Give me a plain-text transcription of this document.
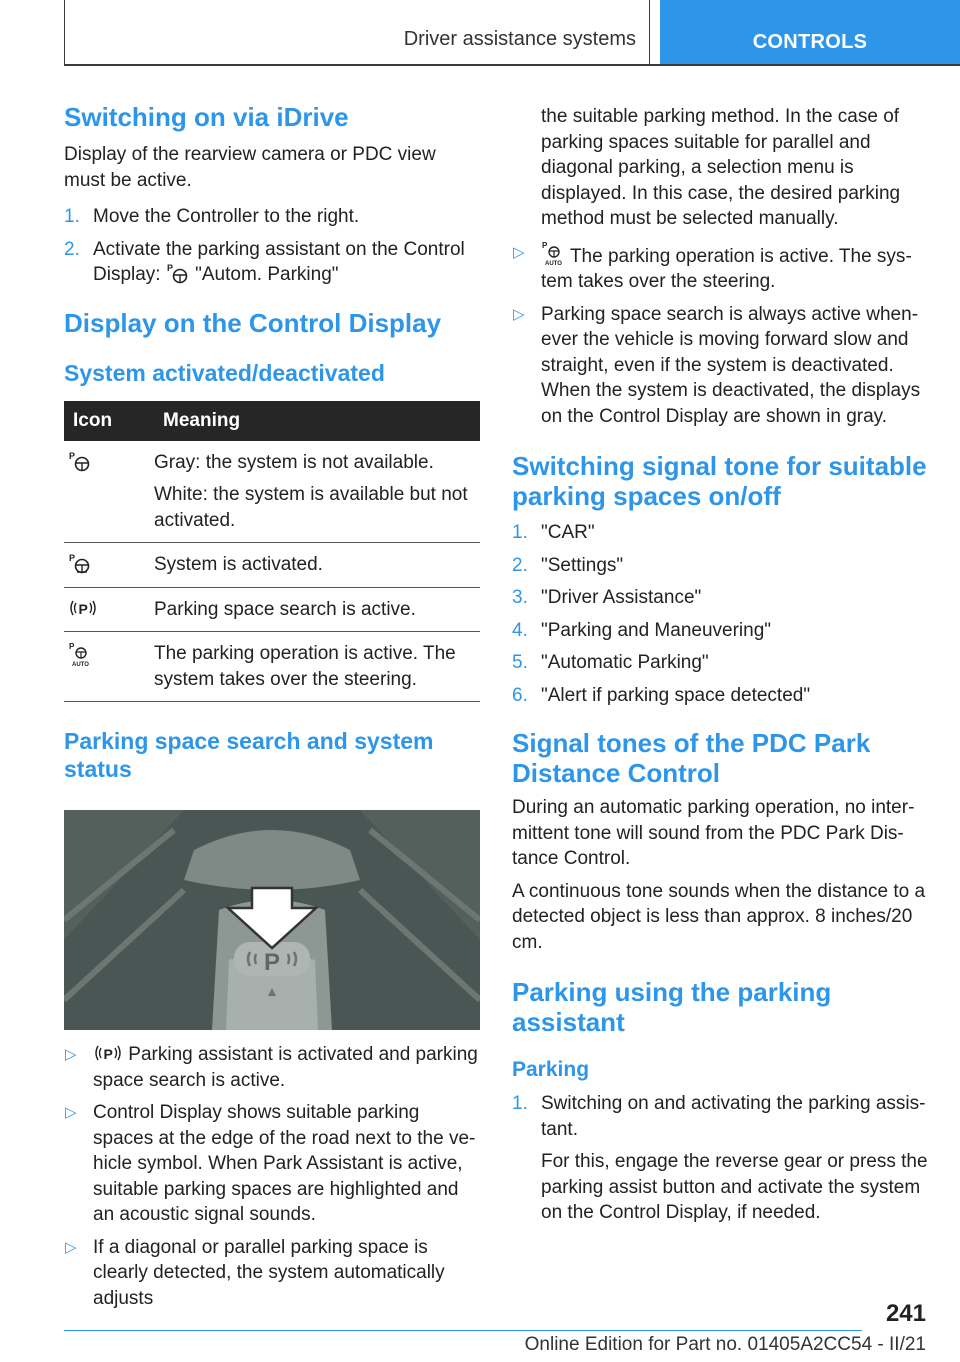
Driver assistance systems	CONTROLS
Switching on via iDrive

Display of the rearview camera or PDC view must be active.

1. Move the Controller to the right.
2. Activate the parking assistant on the Control Display: P "Autom. Parking"
Display on the Control Display
System activated/deactivated
Icon	Meaning

P	Gray: the system is not available.

White: the system is available but not activated.

P	System is activated.

P	Parking space search is active.

P
AUTO	The parking operation is active. The system takes over the steering.

Parking space search and system status
P
▷ P Parking assistant is activated and parking space search is active.
▷ Control Display shows suitable parking spaces at the edge of the road next to the vehicle symbol. When Park Assistant is active, suitable parking spaces are highlighted and an acoustic signal sounds.
▷ If a diagonal or parallel parking space is clearly detected, the system automatically adjusts

the suitable parking method. In the case of parking spaces suitable for parallel and diagonal parking, a selection menu is displayed. In this case, the desired parking method must be selected manually.

▷ P
AUTO The parking operation is active. The system takes over the steering.
▷ Parking space search is always active whenever the vehicle is moving forward slow and straight, even if the system is deactivated. When the system is deactivated, the displays on the Control Display are shown in gray.
Switching signal tone for suitable parking spaces on/off
1. "CAR"
2. "Settings"
3. "Driver Assistance"
4. "Parking and Maneuvering"
5. "Automatic Parking"
6. "Alert if parking space detected"
Signal tones of the PDC Park Distance Control

During an automatic parking operation, no intermittent tone will sound from the PDC Park Distance Control.

A continuous tone sounds when the distance to a detected object is less than approx. 8 inches/20 cm.

Parking using the parking assistant
Parking
1. Switching on and activating the parking assistant.

For this, engage the reverse gear or press the parking assist button and activate the system on the Control Display, if needed.

241
Online Edition for Part no. 01405A2CC54 - II/21
